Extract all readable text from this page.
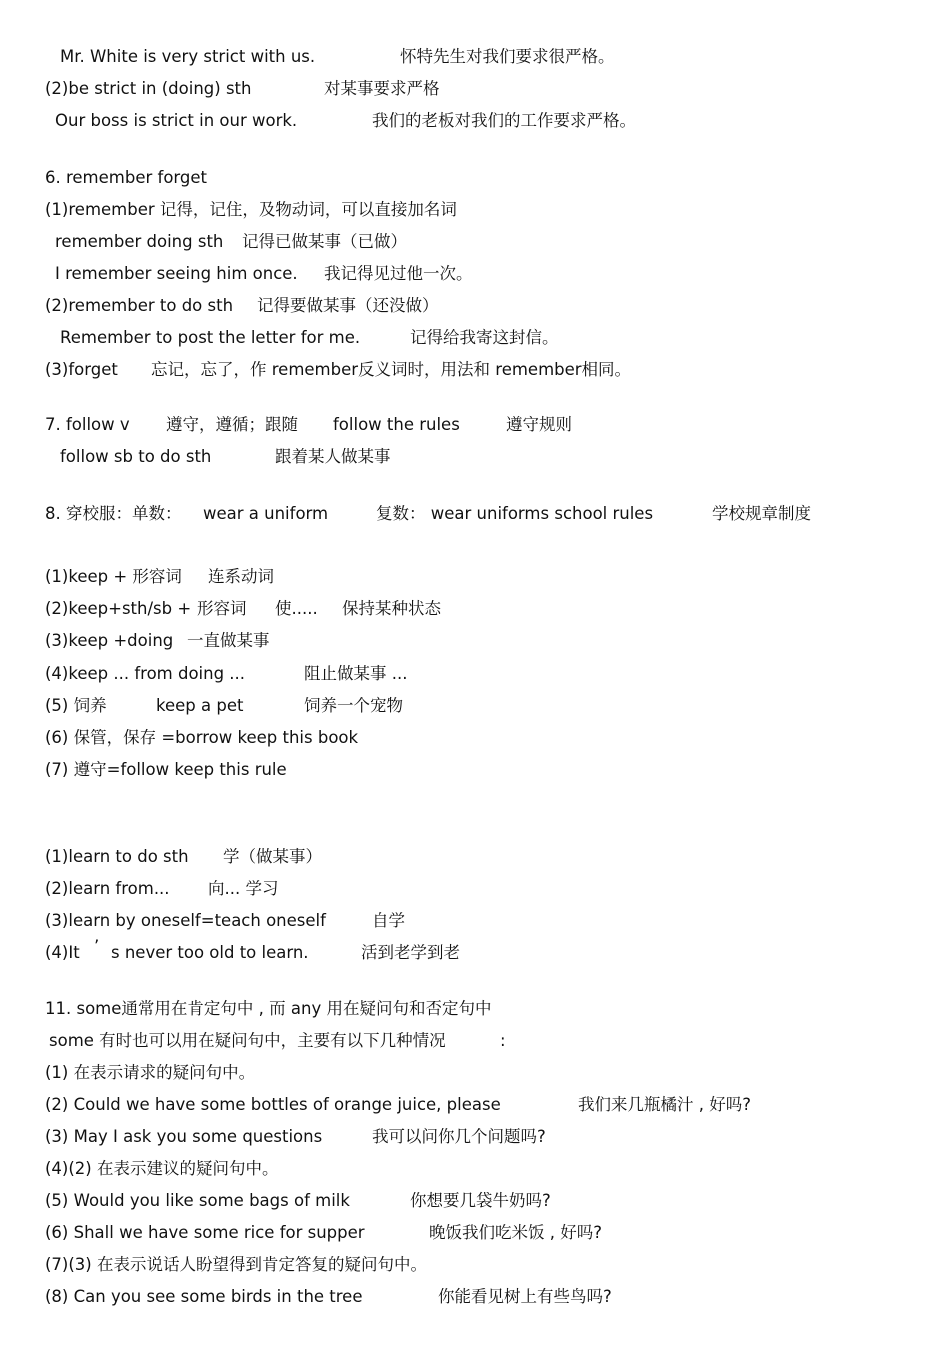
Mr. White is very strict with us.	怀特先生对我们要求很严格。
(2)be strict in (doing) sth	对某事要求严格
Our boss is strict in our work.	我们的老板对我们的工作要求严格。
6. remember forget
(1)remember 记得，记住，及物动词，可以直接加名词
remember doing sth 记得已做某事（已做）
I remember seeing him once. 我记得见过他一次。
(2)remember to do sth 记得要做某事（还没做）
Remember to post the letter for me.	记得给我寄这封信。
(3)forget 忘记，忘了，作 remember反义词时，用法和 remember相同。
7. follow v 遵守，遵循；跟随 follow the rules	遵守规则
follow sb to do sth	跟着某人做某事
8. 穿校服：单数： wear a uniform	复数： wear uniforms school rules	学校规章制度
(1)keep + 形容词 连系动词
(2)keep+sth/sb + 形容词 使..... 保持某种状态
(3)keep +doing 一直做某事
(4)keep ... from doing ...	阻止做某事 ...
(5) 饲养	keep a pet	饲养一个宠物
(6) 保管，保存 =borrow keep this book
(7) 遵守=follow keep this rule
(1)learn to do sth 学（做某事）
(2)learn from... 向... 学习
(3)learn by oneself=teach oneself	自学
(4)It ’ s never too old to learn.	活到老学到老
11. some通常用在肯定句中 , 而 any 用在疑问句和否定句中
some 有时也可以用在疑问句中，主要有以下几种情况	:
(1) 在表示请求的疑问句中。
(2) Could we have some bottles of orange juice, please	我们来几瓶橘汁 , 好吗?
(3) May I ask you some questions	我可以问你几个问题吗?
(4)(2) 在表示建议的疑问句中。
(5) Would you like some bags of milk	你想要几袋牛奶吗?
(6) Shall we have some rice for supper	晚饭我们吃米饭 , 好吗?
(7)(3) 在表示说话人盼望得到肯定答复的疑问句中。
(8) Can you see some birds in the tree	你能看见树上有些鸟吗?
